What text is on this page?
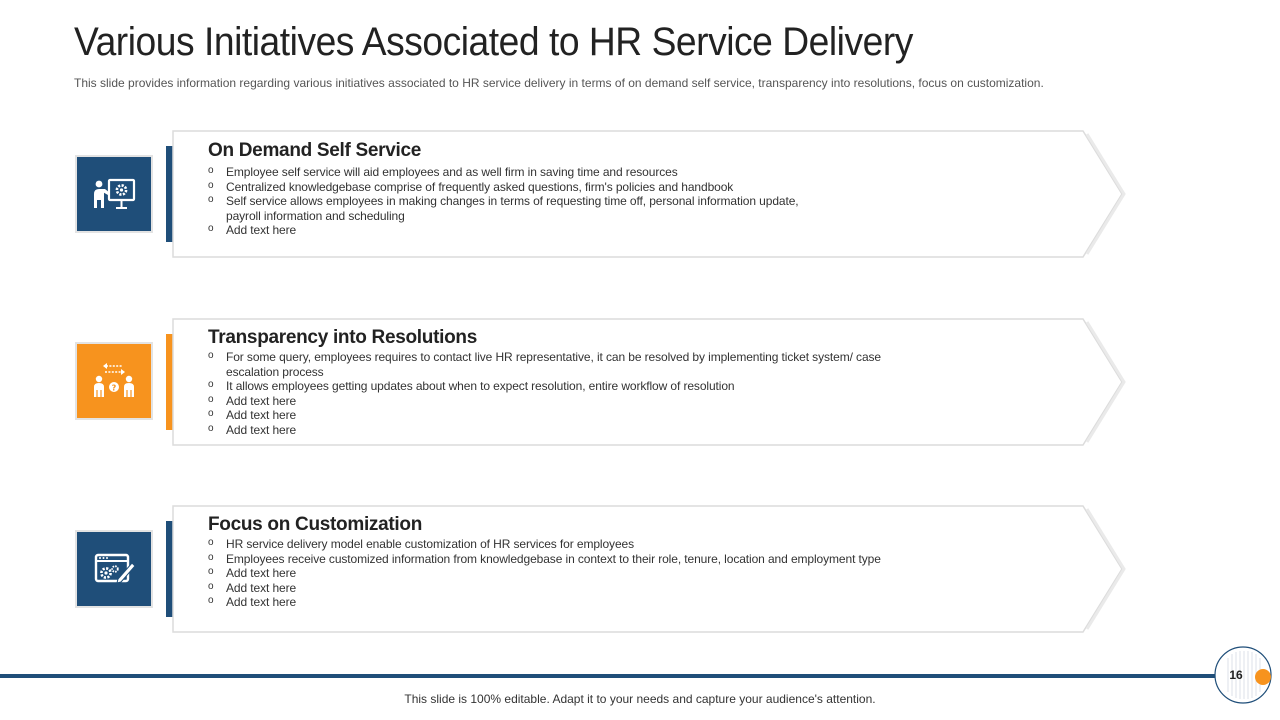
Various Initiatives Associated to HR Service Delivery
This slide provides information regarding various initiatives associated to HR service delivery in terms of on demand self service, transparency into resolutions, focus on customization.
On Demand Self Service
o Employee self service will aid employees and as well firm in saving time and resources
o Centralized knowledgebase comprise of frequently asked questions, firm's policies and handbook
o Self service allows employees in making changes in terms of requesting time off, personal information update, payroll information and scheduling
o Add text here
?
Transparency into Resolutions
o For some query, employees requires to contact live HR representative, it can be resolved by implementing ticket system/ case escalation process
o It allows employees getting updates about when to expect resolution, entire workflow of resolution
o Add text here
o Add text here
o Add text here
Focus on Customization
o HR service delivery model enable customization of HR services for employees
o Employees receive customized information from knowledgebase in context to their role, tenure, location and employment type
o Add text here
o Add text here
o Add text here
This slide is 100% editable. Adapt it to your needs and capture your audience's attention.
16
